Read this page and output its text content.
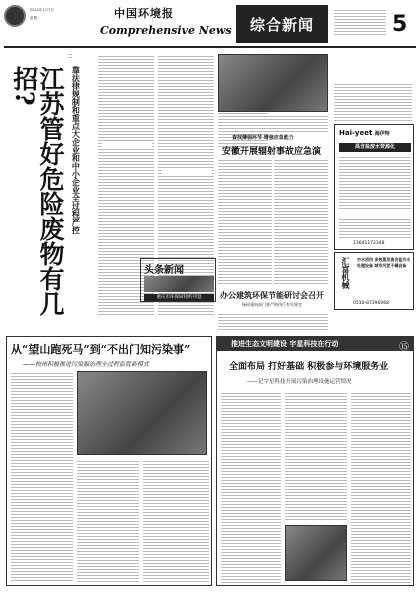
2012年1月7日
星期一	中国环境报
Comprehensive News	综合新闻	5
江苏管好危险废物有几招?	靠法律规制和重点大企业和中小企业全过程严控	查找薄弱环节 增强应急能力
安徽开展辐射事故应急演
办公建筑环保节能研讨会召开
杨同建筑部门要严格执行有关规定
Hai-yeet 海伊特
高含盐废水资源化
13641172348
汇富机械 中水回用 多效蒸发高含盐污水处理设备 城市污泥干燥设备
0510-87396068
头条新闻
重庆市环保局特约刊登
从“望山跑死马”到“不出门知污染事”
——杭州积极推进污染源治理全过程监管新模式
推进生态文明建设 宇星科技在行动	⑮
全面布局 打好基础 积极参与环境服务业
——记宇星科技开展污染治理设施运营情况
